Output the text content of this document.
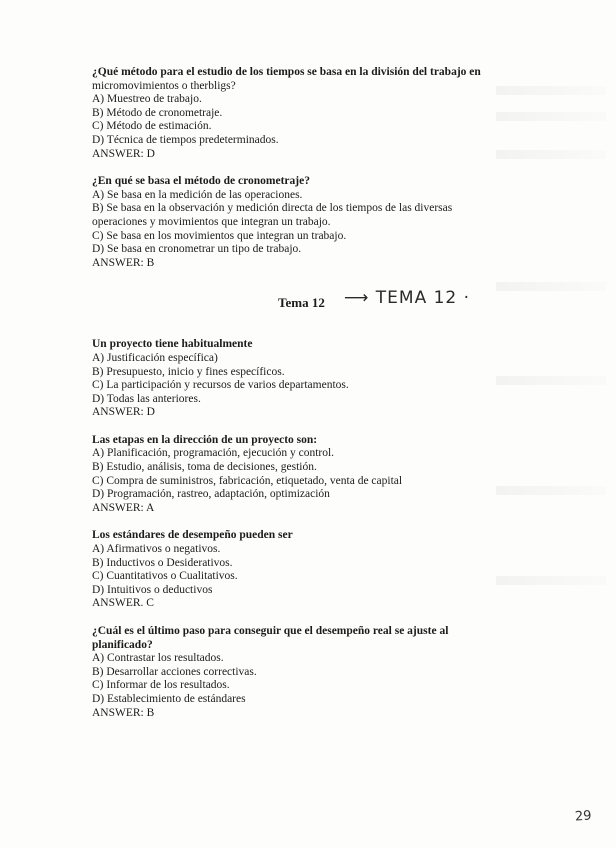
¿Qué método para el estudio de los tiempos se basa en la división del trabajo en
micromovimientos o therbligs?
A) Muestreo de trabajo.
B) Método de cronometraje.
C) Método de estimación.
D) Técnica de tiempos predeterminados.
ANSWER: D
¿En qué se basa el método de cronometraje?
A) Se basa en la medición de las operaciones.
B) Se basa en la observación y medición directa de los tiempos de las diversas
operaciones y movimientos que integran un trabajo.
C) Se basa en los movimientos que integran un trabajo.
D) Se basa en cronometrar un tipo de trabajo.
ANSWER: B
Tema 12 ⟶ TEMA 12 ·
Un proyecto tiene habitualmente
A) Justificación específica)
B) Presupuesto, inicio y fines específicos.
C) La participación y recursos de varios departamentos.
D) Todas las anteriores.
ANSWER: D
Las etapas en la dirección de un proyecto son:
A) Planificación, programación, ejecución y control.
B) Estudio, análisis, toma de decisiones, gestión.
C) Compra de suministros, fabricación, etiquetado, venta de capital
D) Programación, rastreo, adaptación, optimización
ANSWER: A
Los estándares de desempeño pueden ser
A) Afirmativos o negativos.
B) Inductivos o Desiderativos.
C) Cuantitativos o Cualitativos.
D) Intuitivos o deductivos
ANSWER. C
¿Cuál es el último paso para conseguir que el desempeño real se ajuste al
planificado?
A) Contrastar los resultados.
B) Desarrollar acciones correctivas.
C) Informar de los resultados.
D) Establecimiento de estándares
ANSWER: B
29
